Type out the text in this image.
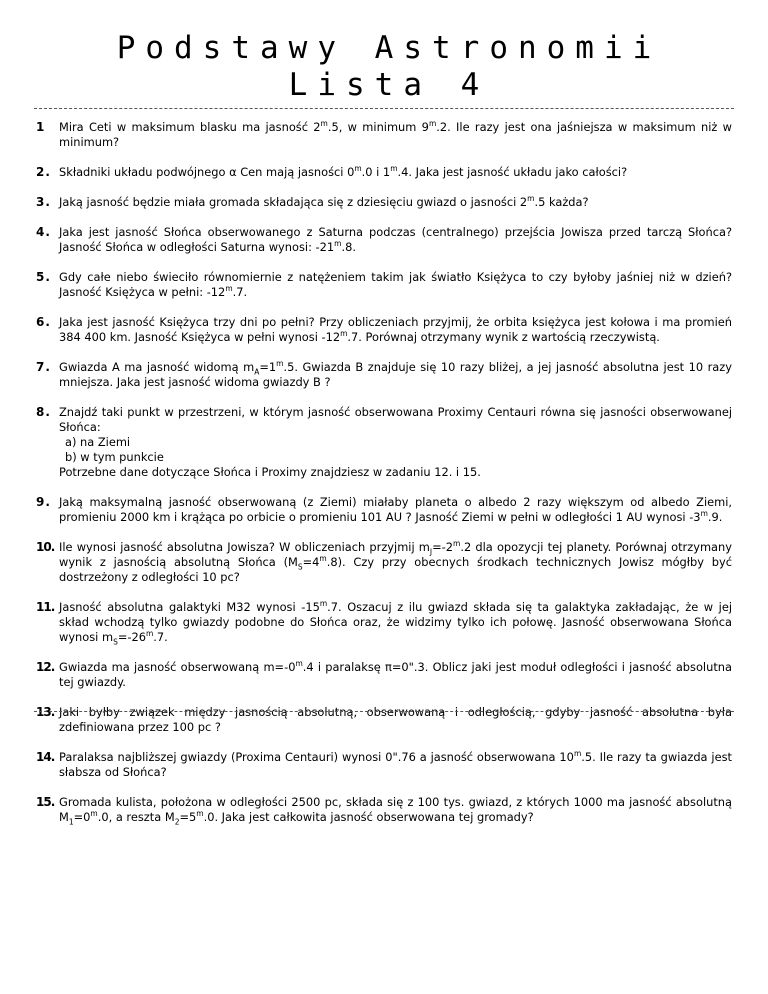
Podstawy Astronomii

Lista 4

1 Mira Ceti w maksimum blasku ma jasność 2$^m$.5, w minimum 9$^m$.2. Ile razy jest ona jaśniejsza w maksimum niż w minimum?
2. Składniki układu podwójnego α Cen mają jasności 0$^m$.0 i 1$^m$.4. Jaka jest jasność układu jako całości?
3. Jaką jasność będzie miała gromada składająca się z dziesięciu gwiazd o jasności 2$^m$.5 każda?
4. Jaka jest jasność Słońca obserwowanego z Saturna podczas (centralnego) przejścia Jowisza przed tarczą Słońca? Jasność Słońca w odległości Saturna wynosi: -21$^m$.8.
5. Gdy całe niebo świeciło równomiernie z natężeniem takim jak światło Księżyca to czy byłoby jaśniej niż w dzień? Jasność Księżyca w pełni: -12$^m$.7.
6. Jaka jest jasność Księżyca trzy dni po pełni? Przy obliczeniach przyjmij, że orbita księżyca jest kołowa i ma promień 384 400 km. Jasność Księżyca w pełni wynosi -12$^m$.7. Porównaj otrzymany wynik z wartością rzeczywistą.
7. Gwiazda A ma jasność widomą $m_A=1^m.5$. Gwiazda B znajduje się 10 razy bliżej, a jej jasność absolutna jest 10 razy mniejsza. Jaka jest jasność widoma gwiazdy B ?
8. Znajdź taki punkt w przestrzeni, w którym jasność obserwowana Proximy Centauri równa się jasności obserwowanej Słońca:
a) na Ziemi
b) w tym punkcie
Potrzebne dane dotyczące Słońca i Proximy znajdziesz w zadaniu 12. i 15.
9. Jaką maksymalną jasność obserwowaną (z Ziemi) miałaby planeta o albedo 2 razy większym od albedo Ziemi, promieniu 2000 km i krążąca po orbicie o promieniu 101 AU ? Jasność Ziemi w pełni w odległości 1 AU wynosi -3$^m$.9.
10. Ile wynosi jasność absolutna Jowisza? W obliczeniach przyjmij $m_J=-2^m.2$ dla opozycji tej planety. Porównaj otrzymany wynik z jasnością absolutną Słońca $(M_S=4^m.8)$. Czy przy obecnych środkach technicznych Jowisz mógłby być dostrzeżony z odległości 10 pc?
11. Jasność absolutna galaktyki M32 wynosi -15$^m$.7. Oszacuj z ilu gwiazd składa się ta galaktyka zakładając, że w jej skład wchodzą tylko gwiazdy podobne do Słońca oraz, że widzimy tylko ich połowę. Jasność obserwowana Słońca wynosi $m_S=-26^m.7$.
12. Gwiazda ma jasność obserwowaną $m=-0^m.4$ i paralaksę π=0".3. Oblicz jaki jest moduł odległości i jasność absolutna tej gwiazdy.
13. Jaki byłby związek między jasnością absolutną, obserwowaną i odległością, gdyby jasność absolutna była zdefiniowana przez 100 pc ?
14. Paralaksa najbliższej gwiazdy (Proxima Centauri) wynosi 0".76 a jasność obserwowana 10$^m$.5. Ile razy ta gwiazda jest słabsza od Słońca?
15. Gromada kulista, położona w odległości 2500 pc, składa się z 100 tys. gwiazd, z których 1000 ma jasność absolutną $M_1=0^m.0$, a reszta $M_2=5^m.0$. Jaka jest całkowita jasność obserwowana tej gromady?
